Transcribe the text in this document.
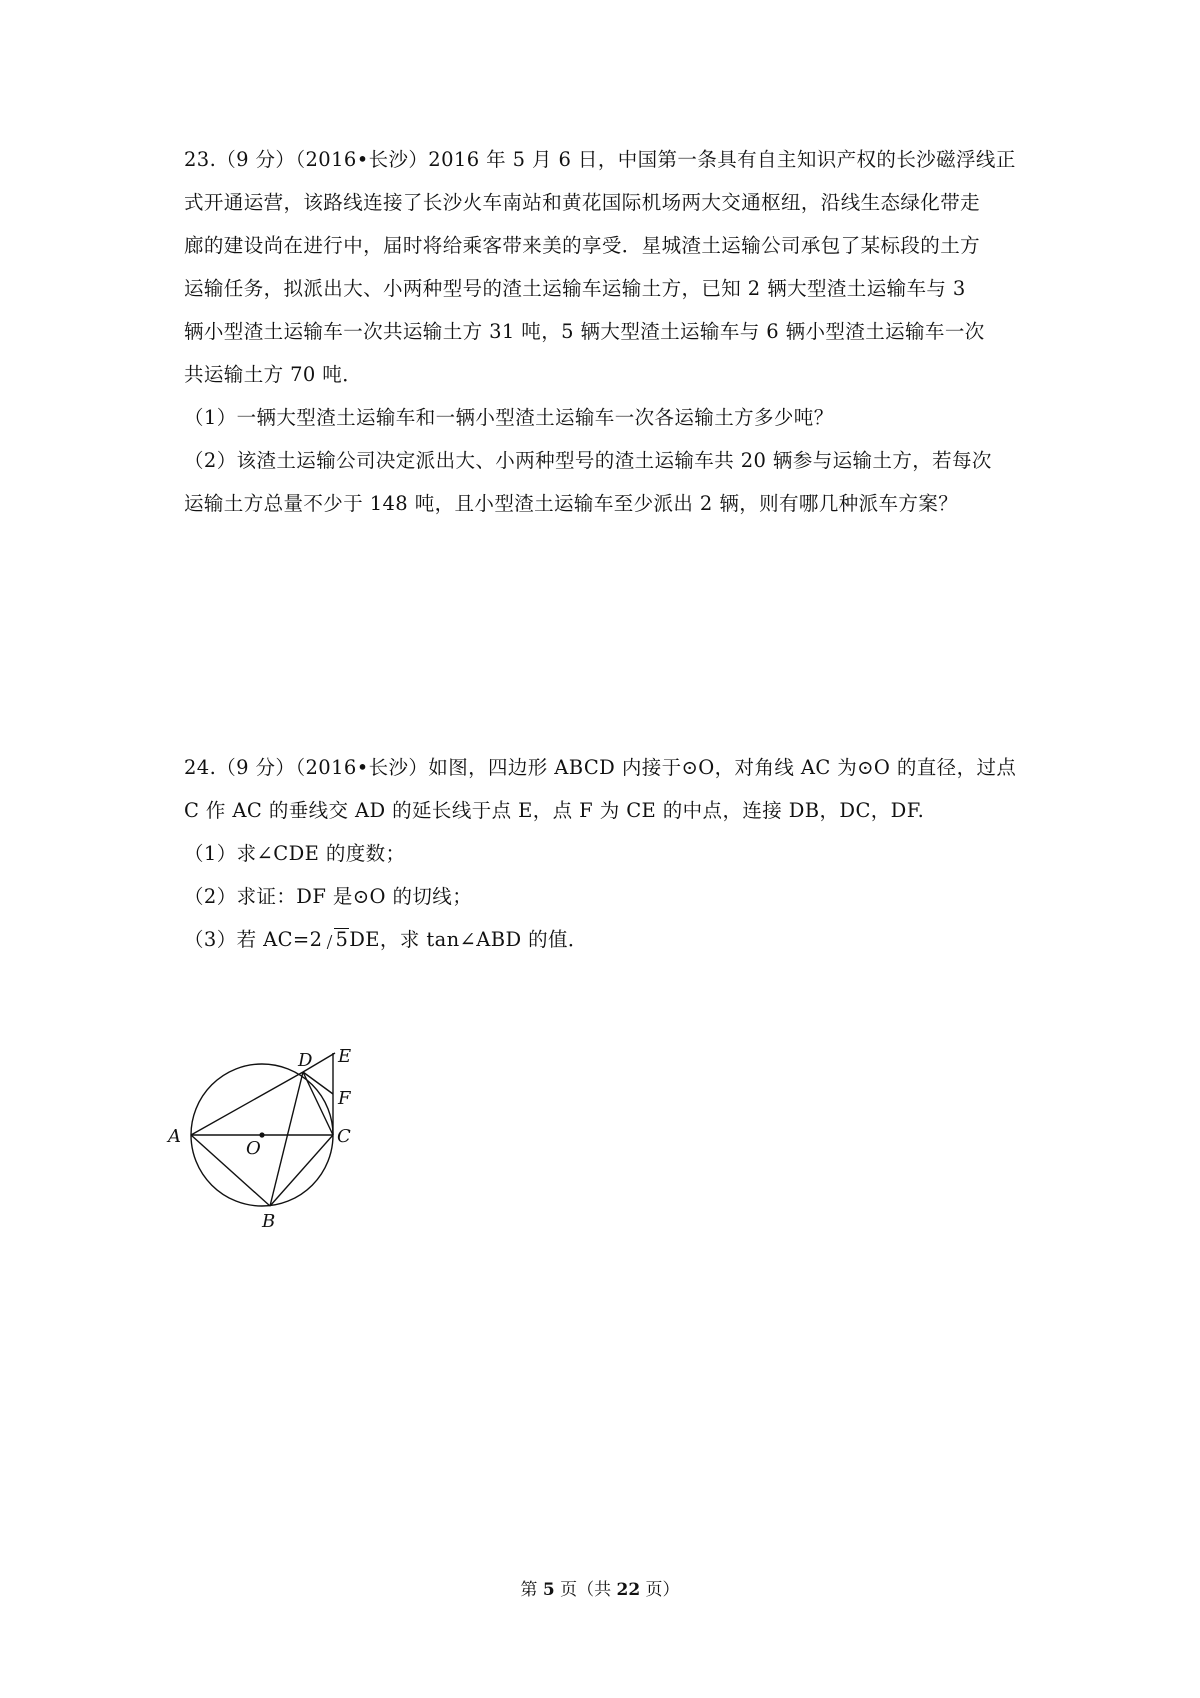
23.（9 分）（2016•长沙）2016 年 5 月 6 日，中国第一条具有自主知识产权的长沙磁浮线正
式开通运营，该路线连接了长沙火车南站和黄花国际机场两大交通枢纽，沿线生态绿化带走
廊的建设尚在进行中，届时将给乘客带来美的享受．星城渣土运输公司承包了某标段的土方
运输任务，拟派出大、小两种型号的渣土运输车运输土方，已知 2 辆大型渣土运输车与 3
辆小型渣土运输车一次共运输土方 31 吨，5 辆大型渣土运输车与 6 辆小型渣土运输车一次
共运输土方 70 吨．
（1）一辆大型渣土运输车和一辆小型渣土运输车一次各运输土方多少吨？
（2）该渣土运输公司决定派出大、小两种型号的渣土运输车共 20 辆参与运输土方，若每次
运输土方总量不少于 148 吨，且小型渣土运输车至少派出 2 辆，则有哪几种派车方案？
24.（9 分）（2016•长沙）如图，四边形 ABCD 内接于⊙O，对角线 AC 为⊙O 的直径，过点
C 作 AC 的垂线交 AD 的延长线于点 E，点 F 为 CE 的中点，连接 DB，DC，DF.
（1）求∠CDE 的度数；
（2）求证：DF 是⊙O 的切线；
（3）若 AC=2 5DE，求 tan∠ABD 的值．
A
B
C
D E
F
O
第 5 页（共 22 页）
